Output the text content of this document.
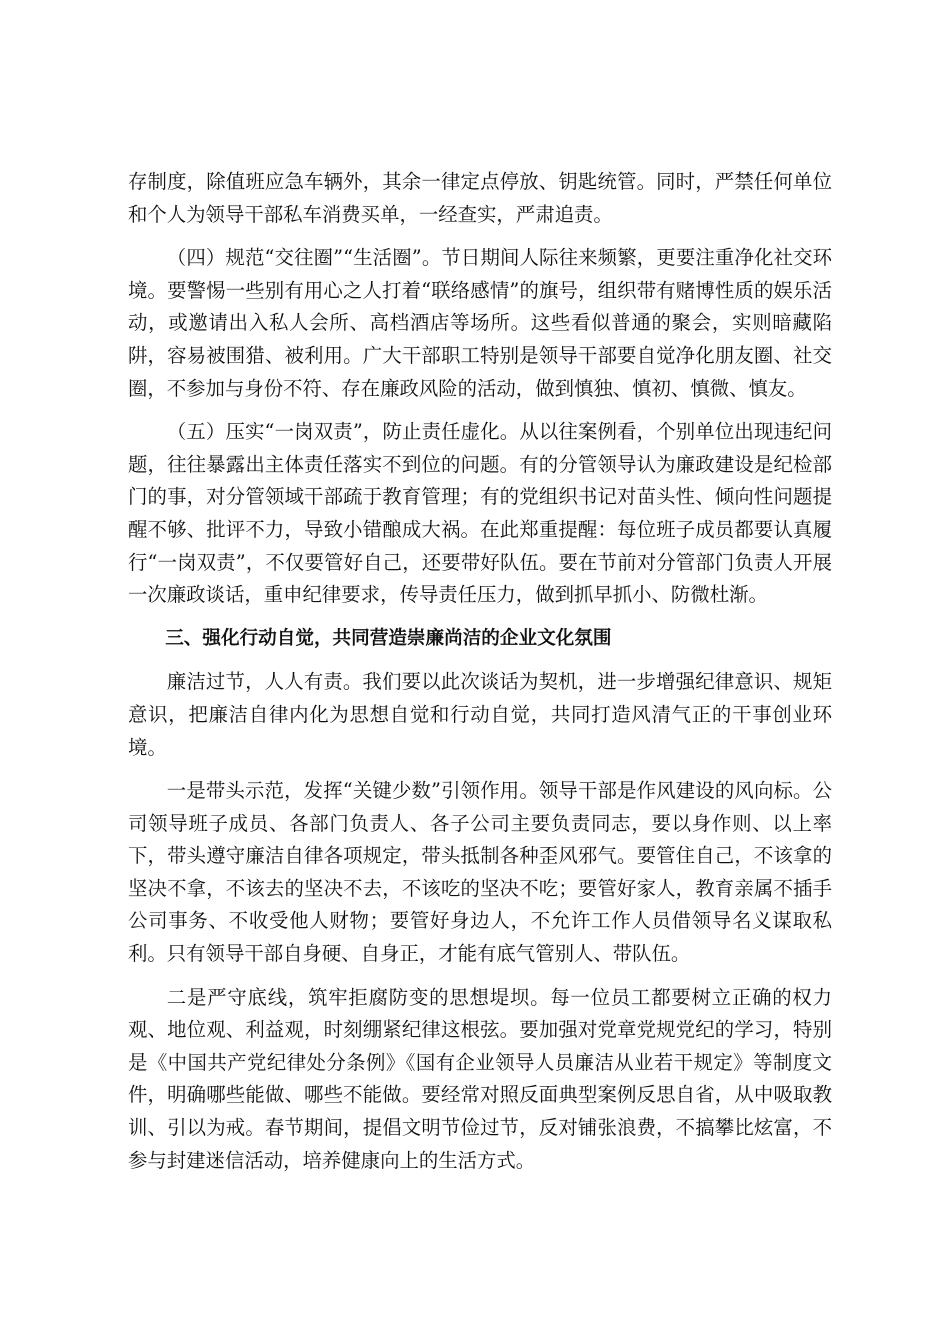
存制度，除值班应急车辆外，其余一律定点停放、钥匙统管。同时，严禁任何单位和个人为领导干部私车消费买单，一经查实，严肃追责。

（四）规范“交往圈”“生活圈”。节日期间人际往来频繁，更要注重净化社交环境。要警惕一些别有用心之人打着“联络感情”的旗号，组织带有赌博性质的娱乐活动，或邀请出入私人会所、高档酒店等场所。这些看似普通的聚会，实则暗藏陷阱，容易被围猎、被利用。广大干部职工特别是领导干部要自觉净化朋友圈、社交圈，不参加与身份不符、存在廉政风险的活动，做到慎独、慎初、慎微、慎友。

（五）压实“一岗双责”，防止责任虚化。从以往案例看，个别单位出现违纪问题，往往暴露出主体责任落实不到位的问题。有的分管领导认为廉政建设是纪检部门的事，对分管领域干部疏于教育管理；有的党组织书记对苗头性、倾向性问题提醒不够、批评不力，导致小错酿成大祸。在此郑重提醒：每位班子成员都要认真履行“一岗双责”，不仅要管好自己，还要带好队伍。要在节前对分管部门负责人开展一次廉政谈话，重申纪律要求，传导责任压力，做到抓早抓小、防微杜渐。

三、强化行动自觉，共同营造崇廉尚洁的企业文化氛围

廉洁过节，人人有责。我们要以此次谈话为契机，进一步增强纪律意识、规矩意识，把廉洁自律内化为思想自觉和行动自觉，共同打造风清气正的干事创业环境。

一是带头示范，发挥“关键少数”引领作用。领导干部是作风建设的风向标。公司领导班子成员、各部门负责人、各子公司主要负责同志，要以身作则、以上率下，带头遵守廉洁自律各项规定，带头抵制各种歪风邪气。要管住自己，不该拿的坚决不拿，不该去的坚决不去，不该吃的坚决不吃；要管好家人，教育亲属不插手公司事务、不收受他人财物；要管好身边人，不允许工作人员借领导名义谋取私利。只有领导干部自身硬、自身正，才能有底气管别人、带队伍。

二是严守底线，筑牢拒腐防变的思想堤坝。每一位员工都要树立正确的权力观、地位观、利益观，时刻绷紧纪律这根弦。要加强对党章党规党纪的学习，特别是《中国共产党纪律处分条例》《国有企业领导人员廉洁从业若干规定》等制度文件，明确哪些能做、哪些不能做。要经常对照反面典型案例反思自省，从中吸取教训、引以为戒。春节期间，提倡文明节俭过节，反对铺张浪费，不搞攀比炫富，不参与封建迷信活动，培养健康向上的生活方式。
